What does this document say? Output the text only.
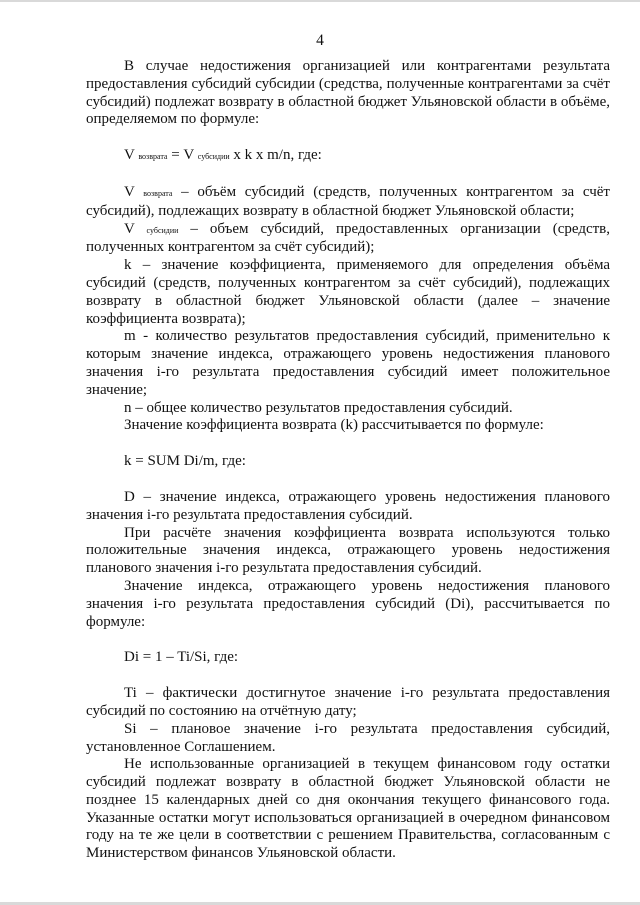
4

В случае недостижения организацией или контрагентами результата предоставления субсидий субсидии (средства, полученные контрагентами за счёт субсидий) подлежат возврату в областной бюджет Ульяновской области в объёме, определяемом по формуле:

V возврата = V субсидии x k x m/n, где:

V возврата – объём субсидий (средств, полученных контрагентом за счёт субсидий), подлежащих возврату в областной бюджет Ульяновской области;

V субсидии – объем субсидий, предоставленных организации (средств, полученных контрагентом за счёт субсидий);

k – значение коэффициента, применяемого для определения объёма субсидий (средств, полученных контрагентом за счёт субсидий), подлежащих возврату в областной бюджет Ульяновской области (далее – значение коэффициента возврата);

m - количество результатов предоставления субсидий, применительно к которым значение индекса, отражающего уровень недостижения планового значения i-го результата предоставления субсидий имеет положительное значение;

n – общее количество результатов предоставления субсидий.

Значение коэффициента возврата (k) рассчитывается по формуле:

k = SUM Di/m, где:

D – значение индекса, отражающего уровень недостижения планового значения i-го результата предоставления субсидий.

При расчёте значения коэффициента возврата используются только положительные значения индекса, отражающего уровень недостижения планового значения i-го результата предоставления субсидий.

Значение индекса, отражающего уровень недостижения планового значения i-го результата предоставления субсидий (Di), рассчитывается по формуле:

Di = 1 – Ti/Si, где:

Ti – фактически достигнутое значение i-го результата предоставления субсидий по состоянию на отчётную дату;

Si – плановое значение i-го результата предоставления субсидий, установленное Соглашением.

Не использованные организацией в текущем финансовом году остатки субсидий подлежат возврату в областной бюджет Ульяновской области не позднее 15 календарных дней со дня окончания текущего финансового года. Указанные остатки могут использоваться организацией в очередном финансовом году на те же цели в соответствии с решением Правительства, согласованным с Министерством финансов Ульяновской области.
